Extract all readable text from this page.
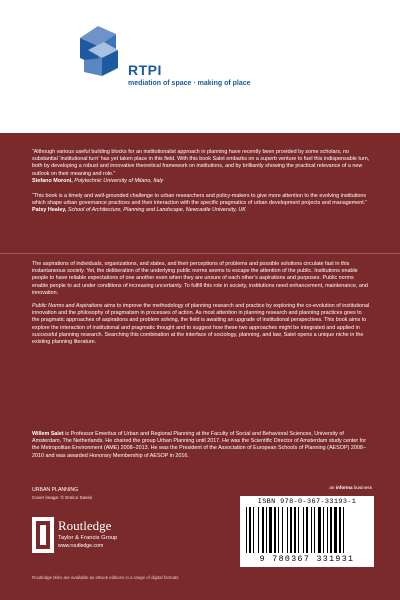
RTPI
mediation of space · making of place
“Although various useful building blocks for an institutionalist approach in planning have recently been provided by some scholars, no substantial ‘institutional turn’ has yet taken place in this field. With this book Salet embarks on a superb venture to fuel this indispensable turn, both by developing a robust and innovative theoretical framework on institutions, and by brilliantly showing the practical relevance of a new outlook on their meaning and role.”
Stefano Moroni, Polytechnic University of Milano, Italy
“This book is a timely and well-grounded challenge to urban researchers and policy-makers to give more attention to the evolving institutions which shape urban governance practices and their interaction with the specific pragmatics of urban development projects and management.”
Patsy Healey, School of Architecture, Planning and Landscape, Newcastle University, UK

The aspirations of individuals, organizations, and states, and their perceptions of problems and possible solutions circulate fast in this instantaneous society. Yet, the deliberation of the underlying public norms seems to escape the attention of the public. Institutions enable people to have reliable expectations of one another even when they are unsure of each other’s aspirations and purposes. Public norms enable people to act under conditions of increasing uncertainty. To fulfill this role in society, institutions need enhancement, maintenance, and innovation.

Public Norms and Aspirations aims to improve the methodology of planning research and practice by exploring the co-evolution of institutional innovation and the philosophy of pragmatism in processes of action. As most attention in planning research and planning practices goes to the pragmatic approaches of aspirations and problem solving, the field is awaiting an upgrade of institutional perspectives. This book aims to explore the interaction of institutional and pragmatic thought and to suggest how these two approaches might be integrated and applied in successful planning research. Searching this combination at the interface of sociology, planning, and law, Salet opens a unique niche in the existing planning literature.

Willem Salet is Professor Emeritus of Urban and Regional Planning at the Faculty of Social and Behavioral Sciences, University of Amsterdam, The Netherlands. He chaired the group Urban Planning until 2017. He was the Scientific Director of Amsterdam study center for the Metropolitan Environment (AME) 2008–2013. He was the President of the Association of European Schools of Planning (AESOP) 2008–2010 and was awarded Honorary Membership of AESOP in 2016.
URBAN PLANNING
Cover image: © Enrico Savini
an informa business
ISBN 978-0-367-33193-1
9 780367 331931
Routledge
Taylor & Francis Group
www.routledge.com
Routledge titles are available as eBook editions in a range of digital formats
